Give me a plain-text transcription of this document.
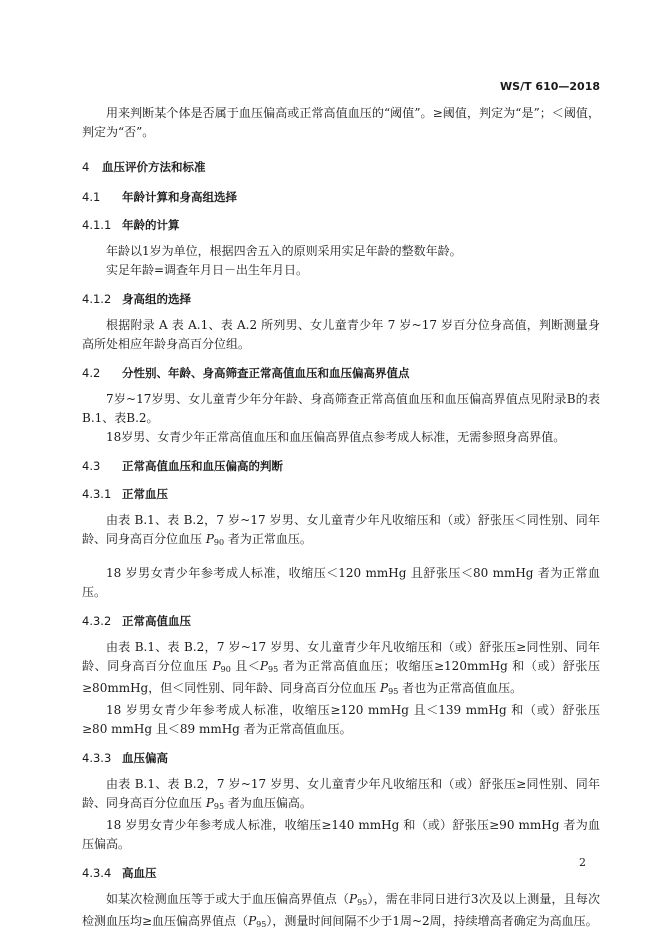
WS/T 610—2018

用来判断某个体是否属于血压偏高或正常高值血压的“阈值”。≥阈值，判定为“是”；＜阈值，判定为“否”。

4 血压评价方法和标准
4.1 年龄计算和身高组选择
4.1.1 年龄的计算

年龄以1岁为单位，根据四舍五入的原则采用实足年龄的整数年龄。

实足年龄=调查年月日－出生年月日。

4.1.2 身高组的选择

根据附录 A 表 A.1、表 A.2 所列男、女儿童青少年 7 岁~17 岁百分位身高值，判断测量身高所处相应年龄身高百分位组。

4.2 分性别、年龄、身高筛查正常高值血压和血压偏高界值点

7岁~17岁男、女儿童青少年分年龄、身高筛查正常高值血压和血压偏高界值点见附录B的表B.1、表B.2。

18岁男、女青少年正常高值血压和血压偏高界值点参考成人标准，无需参照身高界值。

4.3 正常高值血压和血压偏高的判断
4.3.1 正常血压

由表 B.1、表 B.2，7 岁~17 岁男、女儿童青少年凡收缩压和（或）舒张压＜同性别、同年龄、同身高百分位血压 $P_{90}$ 者为正常血压。

18 岁男女青少年参考成人标准，收缩压＜120 mmHg 且舒张压＜80 mmHg 者为正常血压。

4.3.2 正常高值血压

由表 B.1、表 B.2，7 岁~17 岁男、女儿童青少年凡收缩压和（或）舒张压≥同性别、同年龄、同身高百分位血压 $P_{90}$ 且$<P_{95}$ 者为正常高值血压；收缩压≥120mmHg 和（或）舒张压≥80mmHg，但＜同性别、同年龄、同身高百分位血压 $P_{95}$ 者也为正常高值血压。

18 岁男女青少年参考成人标准，收缩压≥120 mmHg 且＜139 mmHg 和（或）舒张压≥80 mmHg 且＜89 mmHg 者为正常高值血压。

4.3.3 血压偏高

由表 B.1、表 B.2，7 岁~17 岁男、女儿童青少年凡收缩压和（或）舒张压≥同性别、同年龄、同身高百分位血压 $P_{95}$ 者为血压偏高。

18 岁男女青少年参考成人标准，收缩压≥140 mmHg 和（或）舒张压≥90 mmHg 者为血压偏高。

4.3.4 高血压

如某次检测血压等于或大于血压偏高界值点$(P_{95})$，需在非同日进行3次及以上测量，且每次检测血压均≥血压偏高界值点$(P_{95})$，测量时间间隔不少于1周~2周，持续增高者确定为高血压。

2
